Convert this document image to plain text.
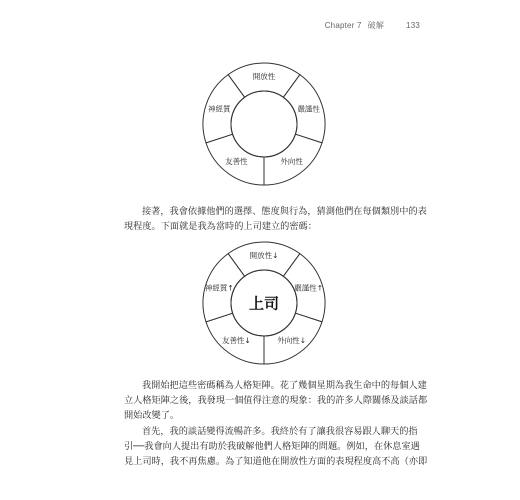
Chapter 7 破解	133
開放性
嚴謹性
外向性
友善性
神經質
開放性↓
嚴謹性↑
外向性↓
友善性↓
神經質↑
上司
接著，我會依據他們的選擇、態度與行為，猜測他們在每個類別中的表
現程度。下面就是我為當時的上司建立的密碼：
我開始把這些密碼稱為人格矩陣。花了幾個星期為我生命中的每個人建
立人格矩陣之後，我發現一個值得注意的現象：我的許多人際關係及談話都
開始改變了。
首先，我的談話變得流暢許多。我終於有了讓我很容易跟人聊天的指
引──我會向人提出有助於我破解他們人格矩陣的問題。例如，在休息室遇
見上司時，我不再焦慮。為了知道他在開放性方面的表現程度高不高（亦即
